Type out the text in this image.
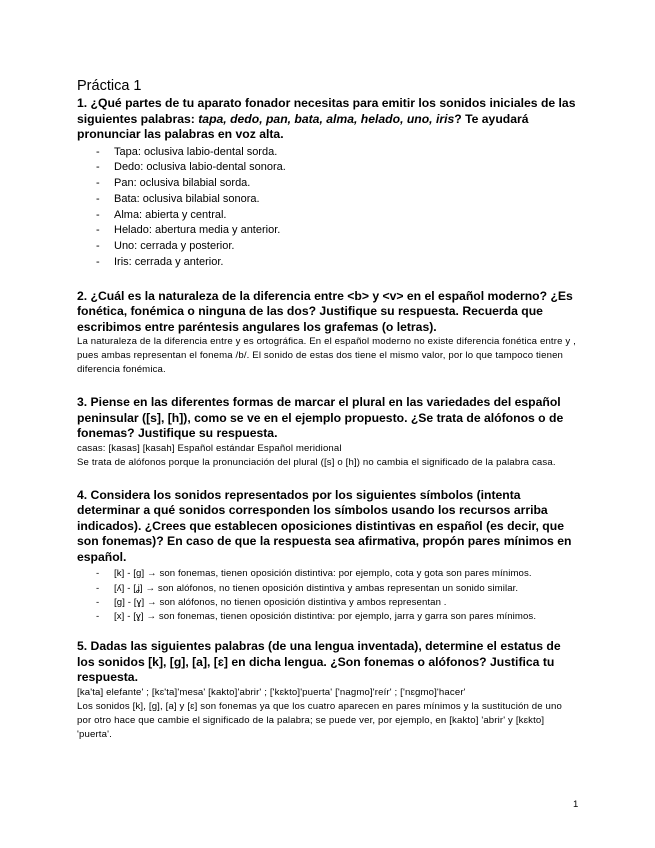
Práctica 1

1. ¿Qué partes de tu aparato fonador necesitas para emitir los sonidos iniciales de las siguientes palabras: tapa, dedo, pan, bata, alma, helado, uno, iris? Te ayudará pronunciar las palabras en voz alta.

- Tapa: oclusiva labio-dental sorda.
- Dedo: oclusiva labio-dental sonora.
- Pan: oclusiva bilabial sorda.
- Bata: oclusiva bilabial sonora.
- Alma: abierta y central.
- Helado: abertura media y anterior.
- Uno: cerrada y posterior.
- Iris: cerrada y anterior.

2. ¿Cuál es la naturaleza de la diferencia entre <b> y <v> en el español moderno? ¿Es fonética, fonémica o ninguna de las dos? Justifique su respuesta. Recuerda que escribimos entre paréntesis angulares los grafemas (o letras).

La naturaleza de la diferencia entre y es ortográfica. En el español moderno no existe diferencia fonética entre y , pues ambas representan el fonema /b/. El sonido de estas dos tiene el mismo valor, por lo que tampoco tienen diferencia fonémica.

3. Piense en las diferentes formas de marcar el plural en las variedades del español peninsular ([s], [h]), como se ve en el ejemplo propuesto. ¿Se trata de alófonos o de fonemas? Justifique su respuesta.

casas: [kasas] [kasah] Español estándar Español meridional

Se trata de alófonos porque la pronunciación del plural ([s] o [h]) no cambia el significado de la palabra casa.

4. Considera los sonidos representados por los siguientes símbolos (intenta determinar a qué sonidos corresponden los símbolos usando los recursos arriba indicados). ¿Crees que establecen oposiciones distintivas en español (es decir, que son fonemas)? En caso de que la respuesta sea afirmativa, propón pares mínimos en español.

- [k] - [g] → son fonemas, tienen oposición distintiva: por ejemplo, cota y gota son pares mínimos.
- [ʎ] - [ʝ] → son alófonos, no tienen oposición distintiva y ambas representan un sonido similar.
- [g] - [ɣ] → son alófonos, no tienen oposición distintiva y ambos representan .
- [x] - [ɣ] → son fonemas, tienen oposición distintiva: por ejemplo, jarra y garra son pares mínimos.

5. Dadas las siguientes palabras (de una lengua inventada), determine el estatus de los sonidos [k], [g], [a], [ɛ] en dicha lengua. ¿Son fonemas o alófonos? Justifica tu respuesta.

[ka'ta] elefante' ; [kɛ'ta]'mesa' [kakto]'abrir' ; ['kɛkto]'puerta' ['nagmo]'reír' ; ['nɛgmo]'hacer'

Los sonidos [k], [g], [a] y [ɛ] son fonemas ya que los cuatro aparecen en pares mínimos y la sustitución de uno por otro hace que cambie el significado de la palabra; se puede ver, por ejemplo, en [kakto] 'abrir' y [kɛkto] 'puerta'.

1
